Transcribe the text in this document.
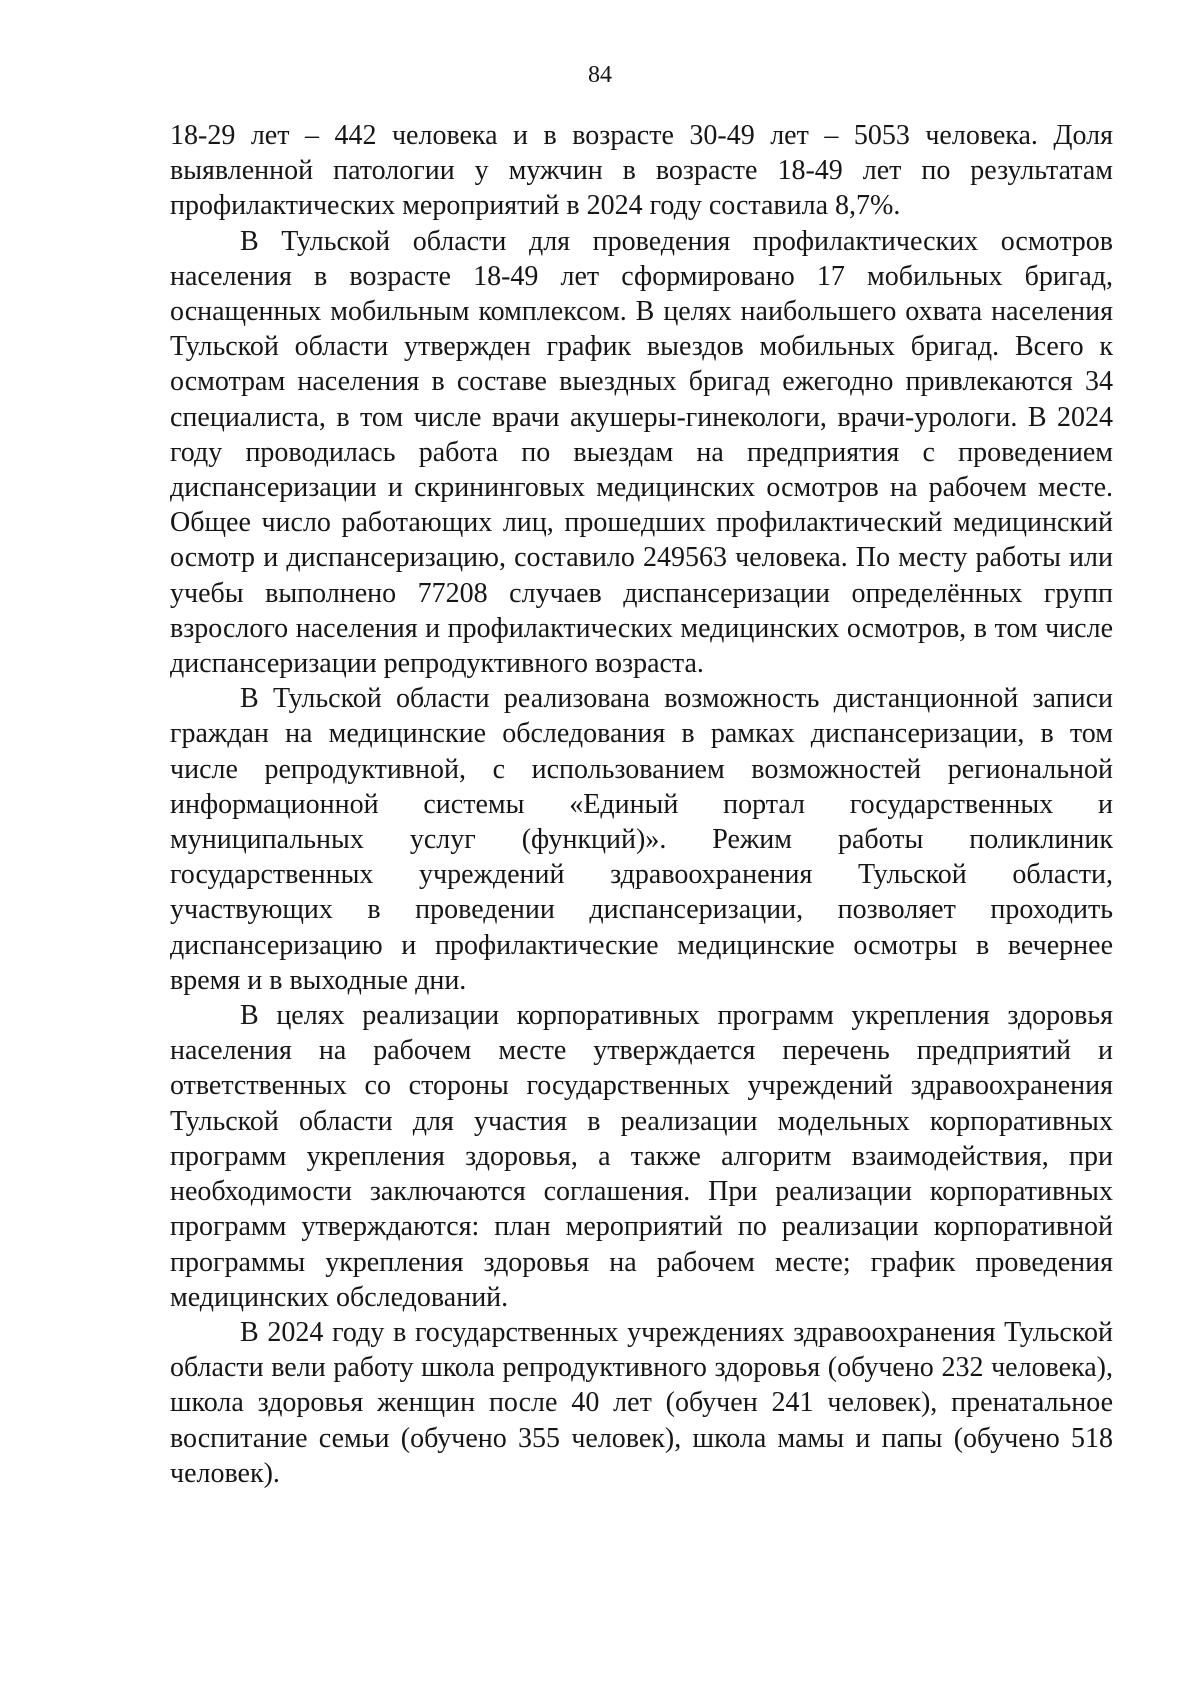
84

18-29 лет – 442 человека и в возрасте 30-49 лет – 5053 человека. Доля выявленной патологии у мужчин в возрасте 18-49 лет по результатам профилактических мероприятий в 2024 году составила 8,7%.

В Тульской области для проведения профилактических осмотров населения в возрасте 18-49 лет сформировано 17 мобильных бригад, оснащенных мобильным комплексом. В целях наибольшего охвата населения Тульской области утвержден график выездов мобильных бригад. Всего к осмотрам населения в составе выездных бригад ежегодно привлекаются 34 специалиста, в том числе врачи акушеры-гинекологи, врачи-урологи. В 2024 году проводилась работа по выездам на предприятия с проведением диспансеризации и скрининговых медицинских осмотров на рабочем месте. Общее число работающих лиц, прошедших профилактический медицинский осмотр и диспансеризацию, составило 249563 человека. По месту работы или учебы выполнено 77208 случаев диспансеризации определённых групп взрослого населения и профилактических медицинских осмотров, в том числе диспансеризации репродуктивного возраста.

В Тульской области реализована возможность дистанционной записи граждан на медицинские обследования в рамках диспансеризации, в том числе репродуктивной, с использованием возможностей региональной информационной системы «Единый портал государственных и муниципальных услуг (функций)». Режим работы поликлиник государственных учреждений здравоохранения Тульской области, участвующих в проведении диспансеризации, позволяет проходить диспансеризацию и профилактические медицинские осмотры в вечернее время и в выходные дни.

В целях реализации корпоративных программ укрепления здоровья населения на рабочем месте утверждается перечень предприятий и ответственных со стороны государственных учреждений здравоохранения Тульской области для участия в реализации модельных корпоративных программ укрепления здоровья, а также алгоритм взаимодействия, при необходимости заключаются соглашения. При реализации корпоративных программ утверждаются: план мероприятий по реализации корпоративной программы укрепления здоровья на рабочем месте; график проведения медицинских обследований.

В 2024 году в государственных учреждениях здравоохранения Тульской области вели работу школа репродуктивного здоровья (обучено 232 человека), школа здоровья женщин после 40 лет (обучен 241 человек), пренатальное воспитание семьи (обучено 355 человек), школа мамы и папы (обучено 518 человек).
